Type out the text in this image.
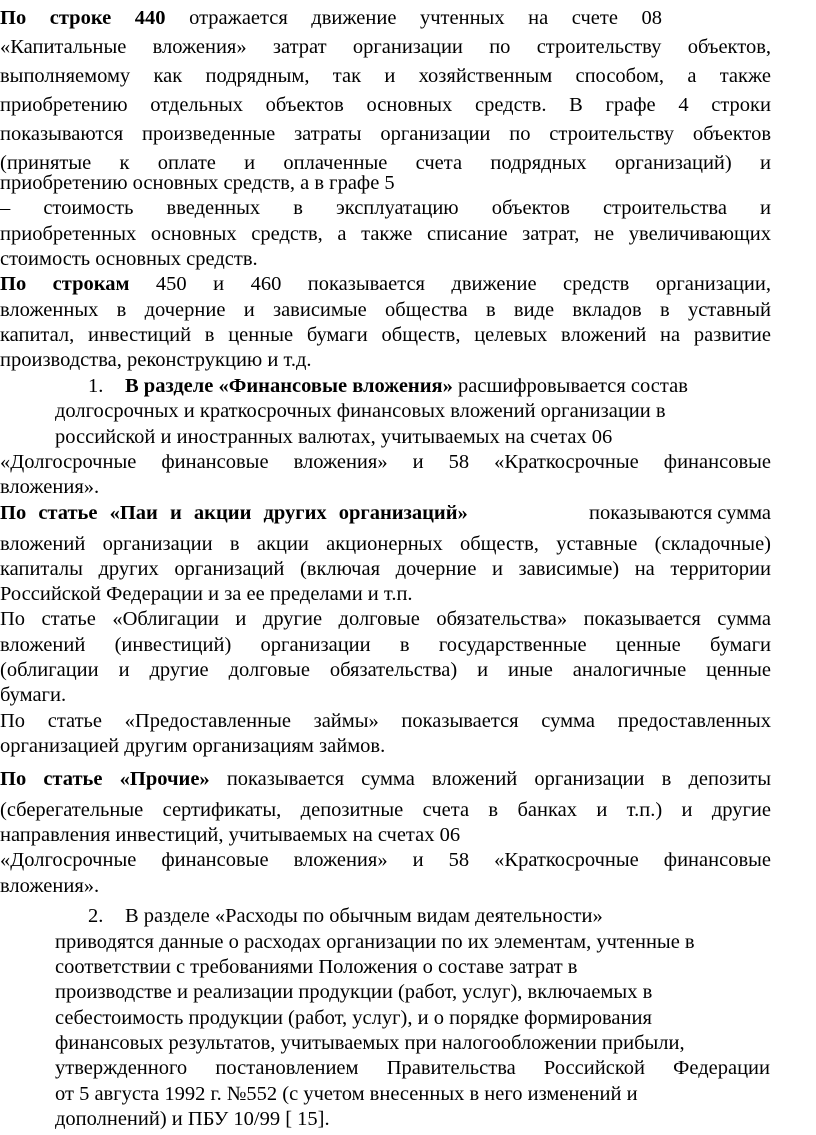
По строке 440 отражается движение учтенных на счете 08
«Капитальные вложения» затрат организации по строительству объектов,
выполняемому как подрядным, так и хозяйственным способом, а также
приобретению отдельных объектов основных средств. В графе 4 строки
показываются произведенные затраты организации по строительству объектов
(принятые к оплате и оплаченные счета подрядных организаций) и
приобретению основных средств, а в графе 5
– стоимость введенных в эксплуатацию объектов строительства и
приобретенных основных средств, а также списание затрат, не увеличивающих
стоимость основных средств.
По строкам 450 и 460 показывается движение средств организации,
вложенных в дочерние и зависимые общества в виде вкладов в уставный
капитал, инвестиций в ценные бумаги обществ, целевых вложений на развитие
производства, реконструкцию и т.д.
1. В разделе «Финансовые вложения» расшифровывается состав
долгосрочных и краткосрочных финансовых вложений организации в
российской и иностранных валютах, учитываемых на счетах 06
«Долгосрочные финансовые вложения» и 58 «Краткосрочные финансовые
вложения».
По статье «Паи и акции других организаций»	показываются сумма
вложений организации в акции акционерных обществ, уставные (складочные)
капиталы других организаций (включая дочерние и зависимые) на территории
Российской Федерации и за ее пределами и т.п.
По статье «Облигации и другие долговые обязательства» показывается сумма
вложений (инвестиций) организации в государственные ценные бумаги
(облигации и другие долговые обязательства) и иные аналогичные ценные
бумаги.
По статье «Предоставленные займы» показывается сумма предоставленных
организацией другим организациям займов.
По статье «Прочие» показывается сумма вложений организации в депозиты
(сберегательные сертификаты, депозитные счета в банках и т.п.) и другие
направления инвестиций, учитываемых на счетах 06
«Долгосрочные финансовые вложения» и 58 «Краткосрочные финансовые
вложения».
2. В разделе «Расходы по обычным видам деятельности»
приводятся данные о расходах организации по их элементам, учтенные в
соответствии с требованиями Положения о составе затрат в
производстве и реализации продукции (работ, услуг), включаемых в
себестоимость продукции (работ, услуг), и о порядке формирования
финансовых результатов, учитываемых при налогообложении прибыли,
утвержденного постановлением Правительства Российской Федерации
от 5 августа 1992 г. №552 (с учетом внесенных в него изменений и
дополнений) и ПБУ 10/99 [ 15].
